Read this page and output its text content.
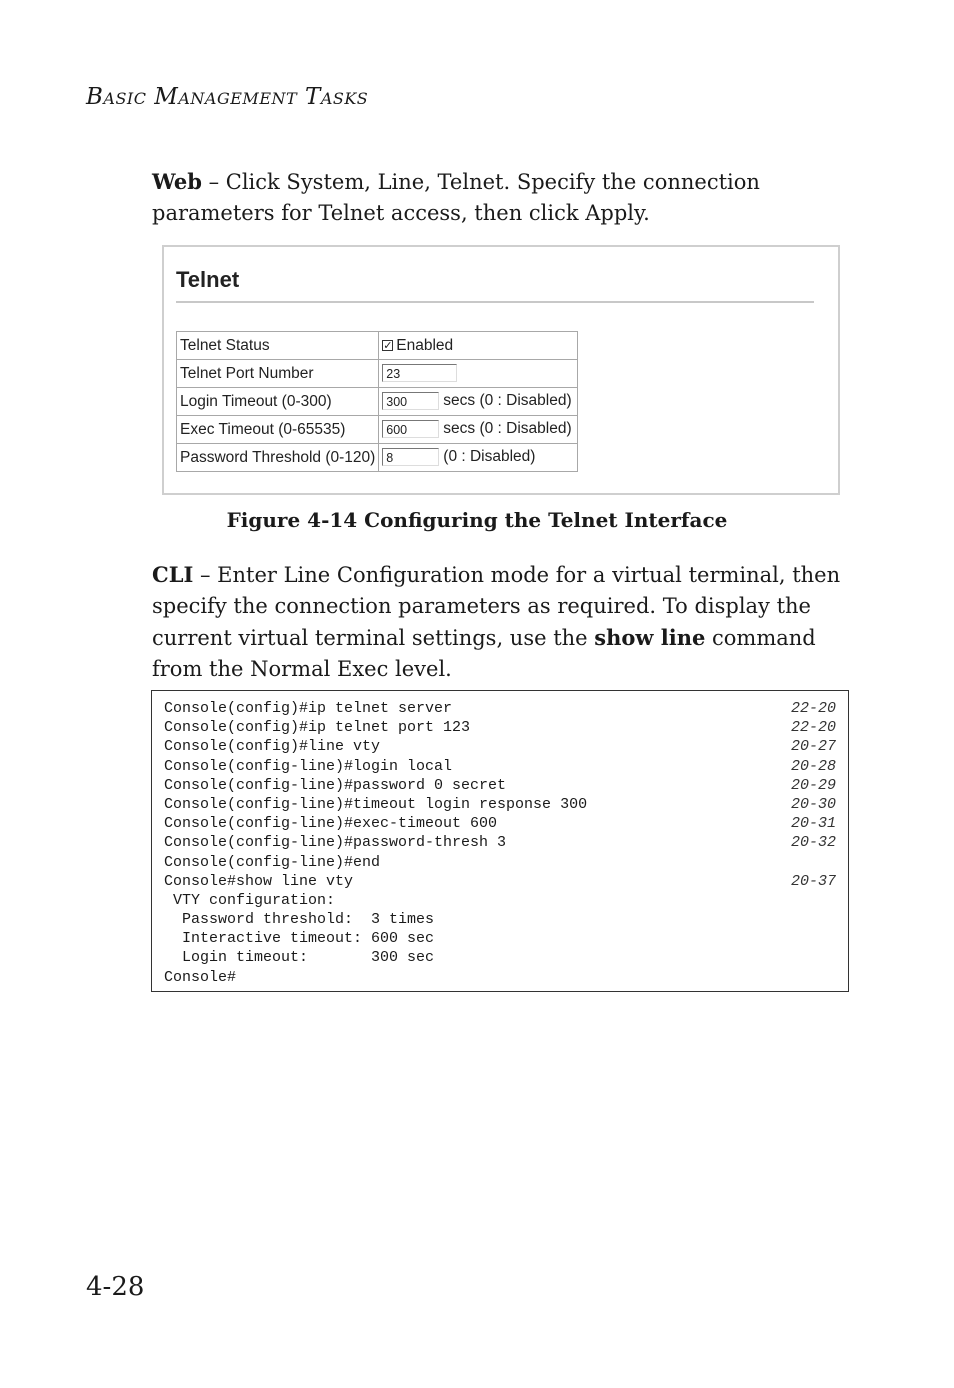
BASIC MANAGEMENT TASKS
Web – Click System, Line, Telnet. Specify the connection parameters for Telnet access, then click Apply.
Telnet
Telnet Status	✓ Enabled
Telnet Port Number	23
Login Timeout (0-300)	300 secs (0 : Disabled)
Exec Timeout (0-65535)	600 secs (0 : Disabled)
Password Threshold (0-120)	8 (0 : Disabled)
Figure 4-14 Configuring the Telnet Interface
CLI – Enter Line Configuration mode for a virtual terminal, then specify the connection parameters as required. To display the current virtual terminal settings, use the show line command from the Normal Exec level.
Console(config)#ip telnet server	22-20
Console(config)#ip telnet port 123	22-20
Console(config)#line vty	20-27
Console(config-line)#login local	20-28
Console(config-line)#password 0 secret	20-29
Console(config-line)#timeout login response 300	20-30
Console(config-line)#exec-timeout 600	20-31
Console(config-line)#password-thresh 3	20-32
Console(config-line)#end
Console#show line vty	20-37
VTY configuration:
Password threshold:  3 times
Interactive timeout: 600 sec
Login timeout:       300 sec
Console#
4-28
